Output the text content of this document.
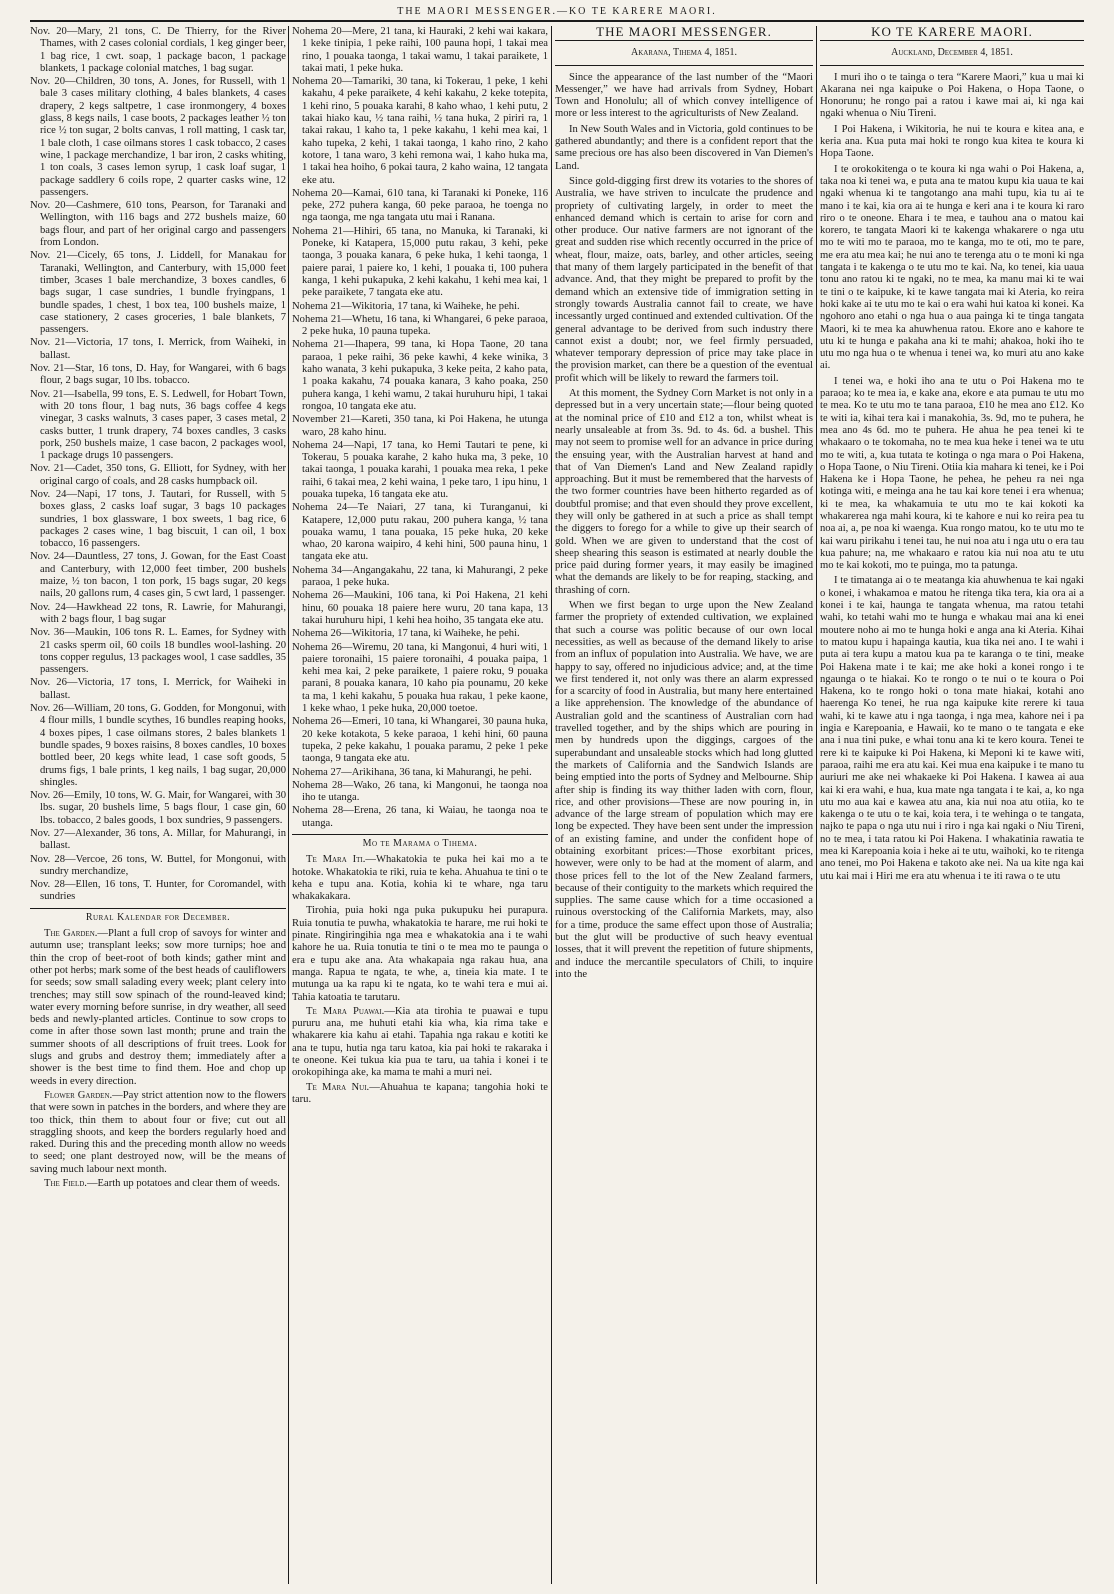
THE MAORI MESSENGER.—KO TE KARERE MAORI.
Nov. 20—Mary, 21 tons, C. De Thierry, for the River Thames, with 2 cases colonial cordials, 1 keg ginger beer, 1 bag rice, 1 cwt. soap, 1 package bacon, 1 package blankets, 1 package colonial matches, 1 bag sugar.
Nov. 20—Children, 30 tons, A. Jones, for Russell, with 1 bale 3 cases military clothing, 4 bales blankets, 4 cases drapery, 2 kegs saltpetre, 1 case ironmongery, 4 boxes glass, 8 kegs nails, 1 case boots, 2 packages leather ½ ton rice ½ ton sugar, 2 bolts canvas, 1 roll matting, 1 cask tar, 1 bale cloth, 1 case oilmans stores 1 cask tobacco, 2 cases wine, 1 package merchandize, 1 bar iron, 2 casks whiting, 1 ton coals, 3 cases lemon syrup, 1 cask loaf sugar, 1 package saddlery 6 coils rope, 2 quarter casks wine, 12 passengers.
Nov. 20—Cashmere, 610 tons, Pearson, for Taranaki and Wellington, with 116 bags and 272 bushels maize, 60 bags flour, and part of her original cargo and passengers from London.
Nov. 21—Cicely, 65 tons, J. Liddell, for Manakau for Taranaki, Wellington, and Canterbury, with 15,000 feet timber, 3cases 1 bale merchandize, 3 boxes candles, 6 bags sugar, 1 case sundries, 1 bundle fryingpans, 1 bundle spades, 1 chest, 1 box tea, 100 bushels maize, 1 case stationery, 2 cases groceries, 1 bale blankets, 7 passengers.
Nov. 21—Victoria, 17 tons, I. Merrick, from Waiheki, in ballast.
Nov. 21—Star, 16 tons, D. Hay, for Wangarei, with 6 bags flour, 2 bags sugar, 10 lbs. tobacco.
Nov. 21—Isabella, 99 tons, E. S. Ledwell, for Hobart Town, with 20 tons flour, 1 bag nuts, 36 bags coffee 4 kegs vinegar, 3 casks walnuts, 3 cases paper, 3 cases metal, 2 casks butter, 1 trunk drapery, 74 boxes candles, 3 casks pork, 250 bushels maize, 1 case bacon, 2 packages wool, 1 package drugs 10 passengers.
Nov. 21—Cadet, 350 tons, G. Elliott, for Sydney, with her original cargo of coals, and 28 casks humpback oil.
Nov. 24—Napi, 17 tons, J. Tautari, for Russell, with 5 boxes glass, 2 casks loaf sugar, 3 bags 10 packages sundries, 1 box glassware, 1 box sweets, 1 bag rice, 6 packages 2 cases wine, 1 bag biscuit, 1 can oil, 1 box tobacco, 16 passengers.
Nov. 24—Dauntless, 27 tons, J. Gowan, for the East Coast and Canterbury, with 12,000 feet timber, 200 bushels maize, ½ ton bacon, 1 ton pork, 15 bags sugar, 20 kegs nails, 20 gallons rum, 4 cases gin, 5 cwt lard, 1 passenger.
Nov. 24—Hawkhead 22 tons, R. Lawrie, for Mahurangi, with 2 bags flour, 1 bag sugar
Nov. 36—Maukin, 106 tons R. L. Eames, for Sydney with 21 casks sperm oil, 60 coils 18 bundles wool-lashing. 20 tons copper regulus, 13 packages wool, 1 case saddles, 35 passengers.
Nov. 26—Victoria, 17 tons, I. Merrick, for Waiheki in ballast.
Nov. 26—William, 20 tons, G. Godden, for Mongonui, with 4 flour mills, 1 bundle scythes, 16 bundles reaping hooks, 4 boxes pipes, 1 case oilmans stores, 2 bales blankets 1 bundle spades, 9 boxes raisins, 8 boxes candles, 10 boxes bottled beer, 20 kegs white lead, 1 case soft goods, 5 drums figs, 1 bale prints, 1 keg nails, 1 bag sugar, 20,000 shingles.
Nov. 26—Emily, 10 tons, W. G. Mair, for Wangarei, with 30 lbs. sugar, 20 bushels lime, 5 bags flour, 1 case gin, 60 lbs. tobacco, 2 bales goods, 1 box sundries, 9 passengers.
Nov. 27—Alexander, 36 tons, A. Millar, for Mahurangi, in ballast.
Nov. 28—Vercoe, 26 tons, W. Buttel, for Mongonui, with sundry merchandize,
Nov. 28—Ellen, 16 tons, T. Hunter, for Coromandel, with sundries
Rural Kalendar for December.
The Garden.—Plant a full crop of savoys for winter and autumn use; transplant leeks; sow more turnips; hoe and thin the crop of beet-root of both kinds; gather mint and other pot herbs; mark some of the best heads of cauliflowers for seeds; sow small salading every week; plant celery into trenches; may still sow spinach of the round-leaved kind; water every morning before sunrise, in dry weather, all seed beds and newly-planted articles. Continue to sow crops to come in after those sown last month; prune and train the summer shoots of all descriptions of fruit trees. Look for slugs and grubs and destroy them; immediately after a shower is the best time to find them. Hoe and chop up weeds in every direction.
Flower Garden.—Pay strict attention now to the flowers that were sown in patches in the borders, and where they are too thick, thin them to about four or five; cut out all straggling shoots, and keep the borders regularly hoed and raked. During this and the preceding month allow no weeds to seed; one plant destroyed now, will be the means of saving much labour next month.
The Field.—Earth up potatoes and clear them of weeds.
Nohema 20—Mere, 21 tana, ki Hauraki, 2 kehi wai kakara, 1 keke tinipia, 1 peke raihi, 100 pauna hopi, 1 takai mea rino, 1 pouaka taonga, 1 takai wamu, 1 takai paraikete, 1 takai mati, 1 peke huka.
Nohema 20—Tamariki, 30 tana, ki Tokerau, 1 peke, 1 kehi kakahu, 4 peke paraikete, 4 kehi kakahu, 2 keke totepita, 1 kehi rino, 5 pouaka karahi, 8 kaho whao, 1 kehi putu, 2 takai hiako kau, ½ tana raihi, ½ tana huka, 2 piriri ra, 1 takai rakau, 1 kaho ta, 1 peke kakahu, 1 kehi mea kai, 1 kaho tupeka, 2 kehi, 1 takai taonga, 1 kaho rino, 2 kaho kotore, 1 tana waro, 3 kehi remona wai, 1 kaho huka ma, 1 takai hea hoiho, 6 pokai taura, 2 kaho waina, 12 tangata eke atu.
Nohema 20—Kamai, 610 tana, ki Taranaki ki Poneke, 116 peke, 272 puhera kanga, 60 peke paraoa, he toenga no nga taonga, me nga tangata utu mai i Ranana.
Nohema 21—Hihiri, 65 tana, no Manuka, ki Taranaki, ki Poneke, ki Katapera, 15,000 putu rakau, 3 kehi, peke taonga, 3 pouaka kanara, 6 peke huka, 1 kehi taonga, 1 paiere parai, 1 paiere ko, 1 kehi, 1 pouaka ti, 100 puhera kanga, 1 kehi pukapuka, 2 kehi kakahu, 1 kehi mea kai, 1 peke paraikete, 7 tangata eke atu.
Nohema 21—Wikitoria, 17 tana, ki Waiheke, he pehi.
Nohema 21—Whetu, 16 tana, ki Whangarei, 6 peke paraoa, 2 peke huka, 10 pauna tupeka.
Nohema 21—Ihapera, 99 tana, ki Hopa Taone, 20 tana paraoa, 1 peke raihi, 36 peke kawhi, 4 keke winika, 3 kaho wanata, 3 kehi pukapuka, 3 keke peita, 2 kaho pata, 1 poaka kakahu, 74 pouaka kanara, 3 kaho poaka, 250 puhera kanga, 1 kehi wamu, 2 takai huruhuru hipi, 1 takai rongoa, 10 tangata eke atu.
November 21—Kareti, 350 tana, ki Poi Hakena, he utunga waro, 28 kaho hinu.
Nohema 24—Napi, 17 tana, ko Hemi Tautari te pene, ki Tokerau, 5 pouaka karahe, 2 kaho huka ma, 3 peke, 10 takai taonga, 1 pouaka karahi, 1 pouaka mea reka, 1 peke raihi, 6 takai mea, 2 kehi waina, 1 peke taro, 1 ipu hinu, 1 pouaka tupeka, 16 tangata eke atu.
Nohema 24—Te Naiari, 27 tana, ki Turanganui, ki Katapere, 12,000 putu rakau, 200 puhera kanga, ½ tana pouaka wamu, 1 tana pouaka, 15 peke huka, 20 keke whao, 20 karona waipiro, 4 kehi hini, 500 pauna hinu, 1 tangata eke atu.
Nohema 34—Angangakahu, 22 tana, ki Mahurangi, 2 peke paraoa, 1 peke huka.
Nohema 26—Maukini, 106 tana, ki Poi Hakena, 21 kehi hinu, 60 pouaka 18 paiere here wuru, 20 tana kapa, 13 takai huruhuru hipi, 1 kehi hea hoiho, 35 tangata eke atu.
Nohema 26—Wikitoria, 17 tana, ki Waiheke, he pehi.
Nohema 26—Wiremu, 20 tana, ki Mangonui, 4 huri witi, 1 paiere toronaihi, 15 paiere toronaihi, 4 pouaka paipa, 1 kehi mea kai, 2 peke paraikete, 1 paiere roku, 9 pouaka parani, 8 pouaka kanara, 10 kaho pia pounamu, 20 keke ta ma, 1 kehi kakahu, 5 pouaka hua rakau, 1 peke kaone, 1 keke whao, 1 peke huka, 20,000 toetoe.
Nohema 26—Emeri, 10 tana, ki Whangarei, 30 pauna huka, 20 keke kotakota, 5 keke paraoa, 1 kehi hini, 60 pauna tupeka, 2 peke kakahu, 1 pouaka paramu, 2 peke 1 peke taonga, 9 tangata eke atu.
Nohema 27—Arikihana, 36 tana, ki Mahurangi, he pehi.
Nohema 28—Wako, 26 tana, ki Mangonui, he taonga noa iho te utanga.
Nohema 28—Erena, 26 tana, ki Waiau, he taonga noa te utanga.
Mo te Marama o Tihema.
Te Mara Iti.—Whakatokia te puka hei kai mo a te hotoke. Whakatokia te riki, ruia te keha. Ahuahua te tini o te keha e tupu ana. Kotia, kohia ki te whare, nga taru whakakakara.
Tirohia, puia hoki nga puka pukupuku hei purapura. Ruia tonutia te puwha, whakatokia te harare, me rui hoki te pinate. Ringiringihia nga mea e whakatokia ana i te wahi kahore he ua. Ruia tonutia te tini o te mea mo te paunga o era e tupu ake ana. Ata whakapaia nga rakau hua, ana manga. Rapua te ngata, te whe, a, tineia kia mate. I te mutunga ua ka rapu ki te ngata, ko te wahi tera e mui ai. Tahia katoatia te tarutaru.
Te Mara Puawai.—Kia ata tirohia te puawai e tupu pururu ana, me huhuti etahi kia wha, kia rima take e whakarere kia kahu ai etahi. Tapahia nga rakau e kotiti ke ana te tupu, hutia nga taru katoa, kia pai hoki te rakaraka i te oneone. Kei tukua kia pua te taru, ua tahia i konei i te orokopihinga ake, ka mama te mahi a muri nei.
Te Mara Nui.—Ahuahua te kapana; tangohia hoki te taru.
THE MAORI MESSENGER.
Akarana, Tihema 4, 1851.
Since the appearance of the last number of the “Maori Messenger,” we have had arrivals from Sydney, Hobart Town and Honolulu; all of which convey intelligence of more or less interest to the agriculturists of New Zealand.
In New South Wales and in Victoria, gold continues to be gathered abundantly; and there is a confident report that the same precious ore has also been discovered in Van Diemen's Land.
Since gold-digging first drew its votaries to the shores of Australia, we have striven to inculcate the prudence and propriety of cultivating largely, in order to meet the enhanced demand which is certain to arise for corn and other produce. Our native farmers are not ignorant of the great and sudden rise which recently occurred in the price of wheat, flour, maize, oats, barley, and other articles, seeing that many of them largely participated in the benefit of that advance. And, that they might be prepared to profit by the demand which an extensive tide of immigration setting in strongly towards Australia cannot fail to create, we have incessantly urged continued and extended cultivation. Of the general advantage to be derived from such industry there cannot exist a doubt; nor, we feel firmly persuaded, whatever temporary depression of price may take place in the provision market, can there be a question of the eventual profit which will be likely to reward the farmers toil.
At this moment, the Sydney Corn Market is not only in a depressed but in a very uncertain state;—flour being quoted at the nominal price of £10 and £12 a ton, whilst wheat is nearly unsaleable at from 3s. 9d. to 4s. 6d. a bushel. This may not seem to promise well for an advance in price during the ensuing year, with the Australian harvest at hand and that of Van Diemen's Land and New Zealand rapidly approaching. But it must be remembered that the harvests of the two former countries have been hitherto regarded as of doubtful promise; and that even should they prove excellent, they will only be gathered in at such a price as shall tempt the diggers to forego for a while to give up their search of gold. When we are given to understand that the cost of sheep shearing this season is estimated at nearly double the price paid during former years, it may easily be imagined what the demands are likely to be for reaping, stacking, and thrashing of corn.
When we first began to urge upon the New Zealand farmer the propriety of extended cultivation, we explained that such a course was politic because of our own local necessities, as well as because of the demand likely to arise from an influx of population into Australia. We have, we are happy to say, offered no injudicious advice; and, at the time we first tendered it, not only was there an alarm expressed for a scarcity of food in Australia, but many here entertained a like apprehension. The knowledge of the abundance of Australian gold and the scantiness of Australian corn had travelled together, and by the ships which are pouring in men by hundreds upon the diggings, cargoes of the superabundant and unsaleable stocks which had long glutted the markets of California and the Sandwich Islands are being emptied into the ports of Sydney and Melbourne. Ship after ship is finding its way thither laden with corn, flour, rice, and other provisions—These are now pouring in, in advance of the large stream of population which may ere long be expected. They have been sent under the impression of an existing famine, and under the confident hope of obtaining exorbitant prices:—Those exorbitant prices, however, were only to be had at the moment of alarm, and those prices fell to the lot of the New Zealand farmers, because of their contiguity to the markets which required the supplies. The same cause which for a time occasioned a ruinous overstocking of the California Markets, may, also for a time, produce the same effect upon those of Australia; but the glut will be productive of such heavy eventual losses, that it will prevent the repetition of future shipments, and induce the mercantile speculators of Chili, to inquire into the
KO TE KARERE MAORI.
Auckland, December 4, 1851.
I muri iho o te tainga o tera “Karere Maori,” kua u mai ki Akarana nei nga kaipuke o Poi Hakena, o Hopa Taone, o Honorunu; he rongo pai a ratou i kawe mai ai, ki nga kai ngaki whenua o Niu Tireni.
I Poi Hakena, i Wikitoria, he nui te koura e kitea ana, e keria ana. Kua puta mai hoki te rongo kua kitea te koura ki Hopa Taone.
I te orokokitenga o te koura ki nga wahi o Poi Hakena, a, taka noa ki tenei wa, e puta ana te matou kupu kia uaua te kai ngaki whenua ki te tangotango ana mahi tupu, kia tu ai te mano i te kai, kia ora ai te hunga e keri ana i te koura ki raro riro o te oneone. Ehara i te mea, e tauhou ana o matou kai korero, te tangata Maori ki te kakenga whakarere o nga utu mo te witi mo te paraoa, mo te kanga, mo te oti, mo te pare, me era atu mea kai; he nui ano te terenga atu o te moni ki nga tangata i te kakenga o te utu mo te kai. Na, ko tenei, kia uaua tonu ano ratou ki te ngaki, no te mea, ka manu mai ki te wai te tini o te kaipuke, ki te kawe tangata mai ki Ateria, ko reira hoki kake ai te utu mo te kai o era wahi hui katoa ki konei. Ka ngohoro ano etahi o nga hua o aua painga ki te tinga tangata Maori, ki te mea ka ahuwhenua ratou. Ekore ano e kahore te utu ki te hunga e pakaha ana ki te mahi; ahakoa, hoki iho te utu mo nga hua o te whenua i tenei wa, ko muri atu ano kake ai.
I tenei wa, e hoki iho ana te utu o Poi Hakena mo te paraoa; ko te mea ia, e kake ana, ekore e ata pumau te utu mo te mea. Ko te utu mo te tana paraoa, £10 he mea ano £12. Ko te witi ia, kihai tera kai i manakohia, 3s. 9d, mo te puhera, he mea ano 4s 6d. mo te puhera. He ahua he pea tenei ki te whakaaro o te tokomaha, no te mea kua heke i tenei wa te utu mo te witi, a, kua tutata te kotinga o nga mara o Poi Hakena, o Hopa Taone, o Niu Tireni. Otiia kia mahara ki tenei, ke i Poi Hakena ke i Hopa Taone, he pehea, he peheu ra nei nga kotinga witi, e meinga ana he tau kai kore tenei i era whenua; ki te mea, ka whakamuia te utu mo te kai kokoti ka whakarerea nga mahi koura, ki te kahore e nui ko reira pea tu noa ai, a, pe noa ki waenga. Kua rongo matou, ko te utu mo te kai waru pirikahu i tenei tau, he nui noa atu i nga utu o era tau kua pahure; na, me whakaaro e ratou kia nui noa atu te utu mo te kai kokoti, mo te puinga, mo ta patunga.
I te timatanga ai o te meatanga kia ahuwhenua te kai ngaki o konei, i whakamoa e matou he ritenga tika tera, kia ora ai a konei i te kai, haunga te tangata whenua, ma ratou tetahi wahi, ko tetahi wahi mo te hunga e whakau mai ana ki enei moutere noho ai mo te hunga hoki e anga ana ki Ateria. Kihai to matou kupu i hapainga kautia, kua tika nei ano. I te wahi i puta ai tera kupu a matou kua pa te karanga o te tini, meake Poi Hakena mate i te kai; me ake hoki a konei rongo i te ngaunga o te hiakai. Ko te rongo o te nui o te koura o Poi Hakena, ko te rongo hoki o tona mate hiakai, kotahi ano haerenga Ko tenei, he rua nga kaipuke kite rerere ki taua wahi, ki te kawe atu i nga taonga, i nga mea, kahore nei i pa ingia e Karepoania, e Hawaii, ko te mano o te tangata e eke ana i nua tini puke, e whai tonu ana ki te kero koura. Tenei te rere ki te kaipuke ki Poi Hakena, ki Meponi ki te kawe witi, paraoa, raihi me era atu kai. Kei mua ena kaipuke i te mano tu auriuri me ake nei whakaeke ki Poi Hakena. I kawea ai aua kai ki era wahi, e hua, kua mate nga tangata i te kai, a, ko nga utu mo aua kai e kawea atu ana, kia nui noa atu otiia, ko te kakenga o te utu o te kai, koia tera, i te wehinga o te tangata, najko te papa o nga utu nui i riro i nga kai ngaki o Niu Tireni, no te mea, i tata ratou ki Poi Hakena. I whakatinia rawatia te mea ki Karepoania koia i heke ai te utu, waihoki, ko te ritenga ano tenei, mo Poi Hakena e takoto ake nei. Na ua kite nga kai utu kai mai i Hiri me era atu whenua i te iti rawa o te utu
